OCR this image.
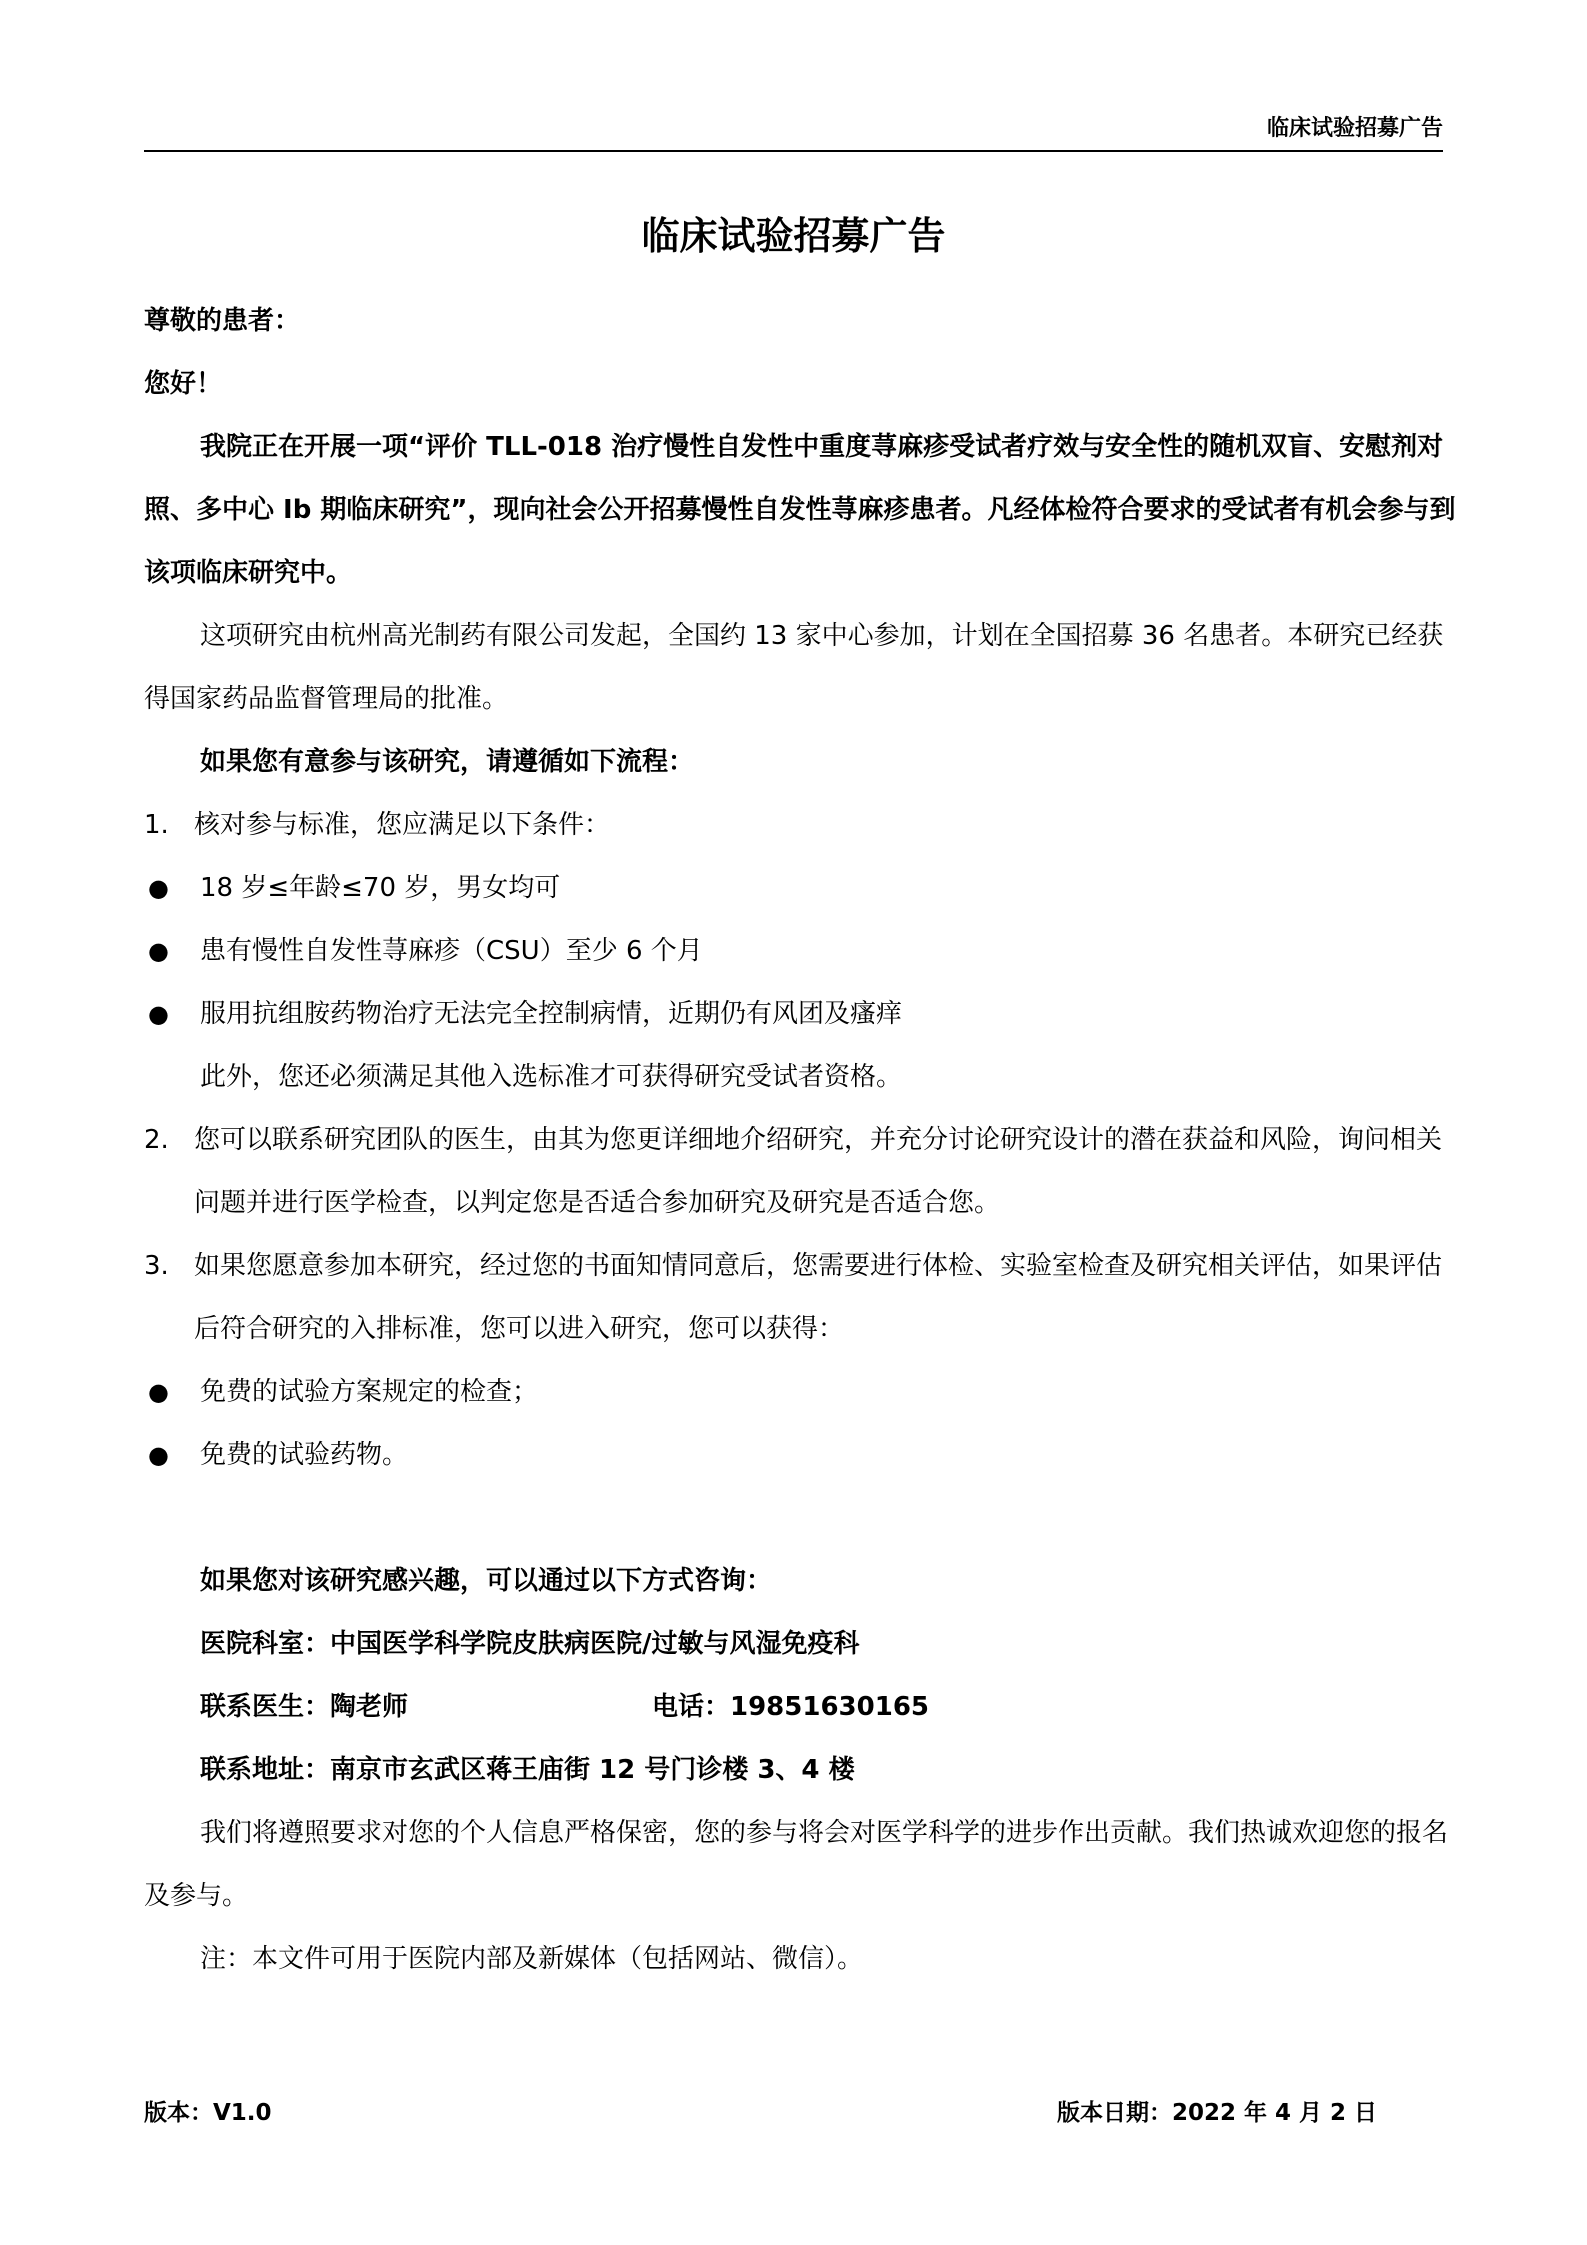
临床试验招募广告
临床试验招募广告

尊敬的患者：

您好！

我院正在开展一项“评价 TLL-018 治疗慢性自发性中重度荨麻疹受试者疗效与安全性的随机双盲、安慰剂对照、多中心 Ib 期临床研究”，现向社会公开招募慢性自发性荨麻疹患者。凡经体检符合要求的受试者有机会参与到该项临床研究中。

这项研究由杭州高光制药有限公司发起，全国约 13 家中心参加，计划在全国招募 36 名患者。本研究已经获得国家药品监督管理局的批准。

如果您有意参与该研究，请遵循如下流程：

1. 核对参与标准，您应满足以下条件：
● 18 岁≤年龄≤70 岁，男女均可
● 患有慢性自发性荨麻疹（CSU）至少 6 个月
● 服用抗组胺药物治疗无法完全控制病情，近期仍有风团及瘙痒

此外，您还必须满足其他入选标准才可获得研究受试者资格。

2. 您可以联系研究团队的医生，由其为您更详细地介绍研究，并充分讨论研究设计的潜在获益和风险，询问相关问题并进行医学检查，以判定您是否适合参加研究及研究是否适合您。
3. 如果您愿意参加本研究，经过您的书面知情同意后，您需要进行体检、实验室检查及研究相关评估，如果评估后符合研究的入排标准，您可以进入研究，您可以获得：
● 免费的试验方案规定的检查；
● 免费的试验药物。

如果您对该研究感兴趣，可以通过以下方式咨询：

医院科室：中国医学科学院皮肤病医院/过敏与风湿免疫科

联系医生：陶老师	电话：19851630165

联系地址：南京市玄武区蒋王庙街 12 号门诊楼 3、4 楼

我们将遵照要求对您的个人信息严格保密，您的参与将会对医学科学的进步作出贡献。我们热诚欢迎您的报名及参与。

注：本文件可用于医院内部及新媒体（包括网站、微信）。

版本：V1.0	版本日期：2022 年 4 月 2 日
